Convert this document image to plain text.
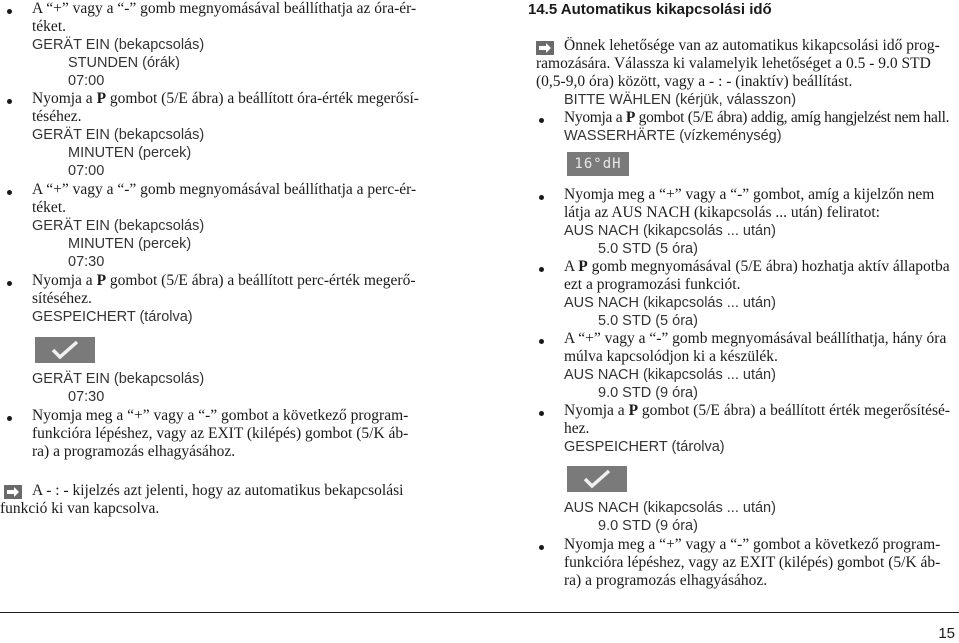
A “+” vagy a “-” gomb megnyomásával beállíthatja az óra-ér-
téket.
GERÄT EIN (bekapcsolás)
STUNDEN (órák)
07:00
Nyomja a P gombot (5/E ábra) a beállított óra-érték megerősí-
téséhez.
GERÄT EIN (bekapcsolás)
MINUTEN (percek)
07:00
A “+” vagy a “-” gomb megnyomásával beállíthatja a perc-ér-
téket.
GERÄT EIN (bekapcsolás)
MINUTEN (percek)
07:30
Nyomja a P gombot (5/E ábra) a beállított perc-érték megerő-
sítéséhez.
GESPEICHERT (tárolva)
GERÄT EIN (bekapcsolás)
07:30
Nyomja meg a “+” vagy a “-” gombot a következő program-
funkcióra lépéshez, vagy az EXIT (kilépés) gombot (5/K áb-
ra) a programozás elhagyásához.
A - : - kijelzés azt jelenti, hogy az automatikus bekapcsolási
funkció ki van kapcsolva.
14.5 Automatikus kikapcsolási idő
Önnek lehetősége van az automatikus kikapcsolási idő prog-
ramozására. Válassza ki valamelyik lehetőséget a 0.5 - 9.0 STD
(0,5-9,0 óra) között, vagy a - : - (inaktív) beállítást.
BITTE WÄHLEN (kérjük, válasszon)
Nyomja a P gombot (5/E ábra) addig, amíg hangjelzést nem hall.
WASSERHÄRTE (vízkeménység)
16°dH
Nyomja meg a “+” vagy a “-” gombot, amíg a kijelzőn nem
látja az AUS NACH (kikapcsolás ... után) feliratot:
AUS NACH (kikapcsolás ... után)
5.0 STD (5 óra)
A P gomb megnyomásával (5/E ábra) hozhatja aktív állapotba
ezt a programozási funkciót.
AUS NACH (kikapcsolás ... után)
5.0 STD (5 óra)
A “+” vagy a “-” gomb megnyomásával beállíthatja, hány óra
múlva kapcsolódjon ki a készülék.
AUS NACH (kikapcsolás ... után)
9.0 STD (9 óra)
Nyomja a P gombot (5/E ábra) a beállított érték megerősítésé-
hez.
GESPEICHERT (tárolva)
AUS NACH (kikapcsolás ... után)
9.0 STD (9 óra)
Nyomja meg a “+” vagy a “-” gombot a következő program-
funkcióra lépéshez, vagy az EXIT (kilépés) gombot (5/K áb-
ra) a programozás elhagyásához.
15
